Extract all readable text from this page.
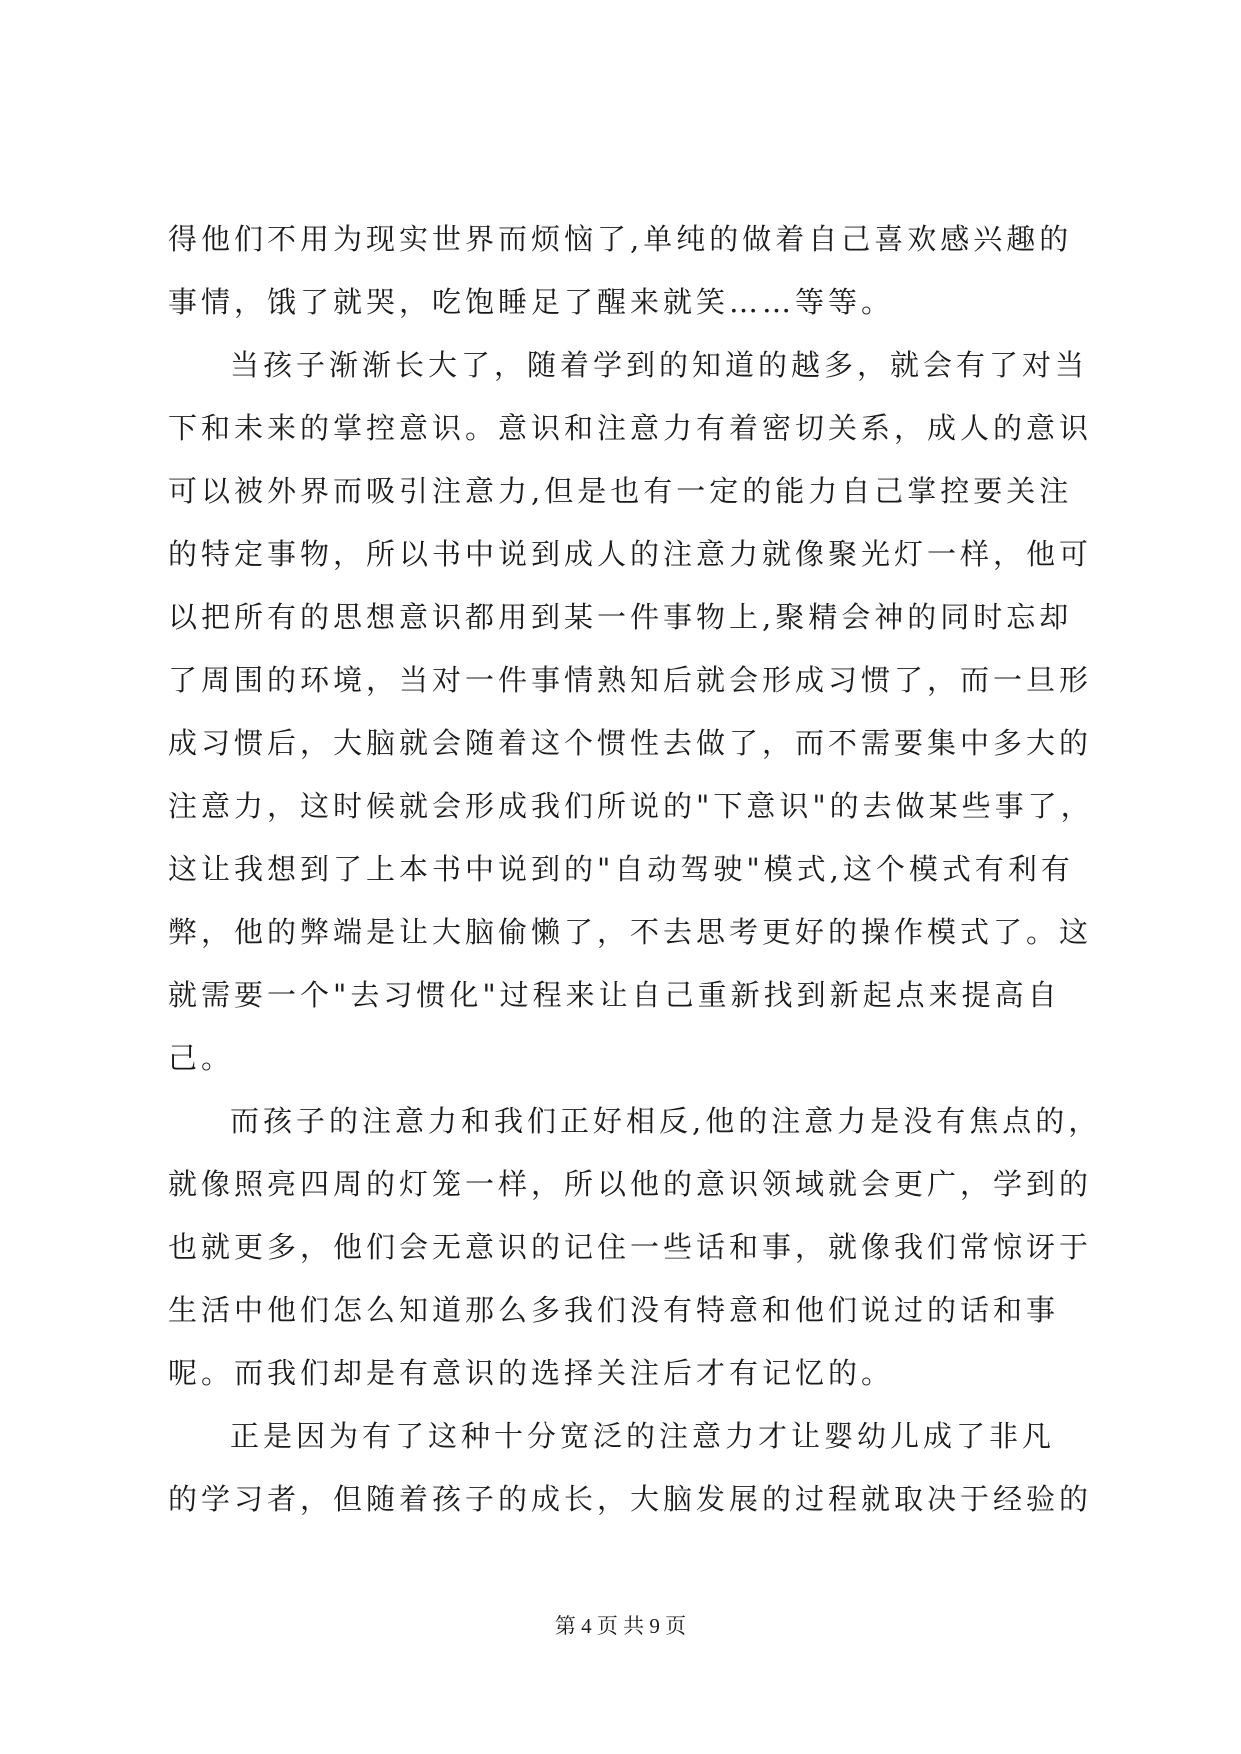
得他们不用为现实世界而烦恼了,单纯的做着自己喜欢感兴趣的
事情，饿了就哭，吃饱睡足了醒来就笑……等等。
当孩子渐渐长大了，随着学到的知道的越多，就会有了对当
下和未来的掌控意识。意识和注意力有着密切关系，成人的意识
可以被外界而吸引注意力,但是也有一定的能力自己掌控要关注
的特定事物，所以书中说到成人的注意力就像聚光灯一样，他可
以把所有的思想意识都用到某一件事物上,聚精会神的同时忘却
了周围的环境，当对一件事情熟知后就会形成习惯了，而一旦形
成习惯后，大脑就会随着这个惯性去做了，而不需要集中多大的
注意力，这时候就会形成我们所说的"下意识"的去做某些事了，
这让我想到了上本书中说到的"自动驾驶"模式,这个模式有利有
弊，他的弊端是让大脑偷懒了，不去思考更好的操作模式了。这
就需要一个"去习惯化"过程来让自己重新找到新起点来提高自
己。
而孩子的注意力和我们正好相反,他的注意力是没有焦点的，
就像照亮四周的灯笼一样，所以他的意识领域就会更广，学到的
也就更多，他们会无意识的记住一些话和事，就像我们常惊讶于
生活中他们怎么知道那么多我们没有特意和他们说过的话和事
呢。而我们却是有意识的选择关注后才有记忆的。
正是因为有了这种十分宽泛的注意力才让婴幼儿成了非凡
的学习者，但随着孩子的成长，大脑发展的过程就取决于经验的
第 4 页 共 9 页
